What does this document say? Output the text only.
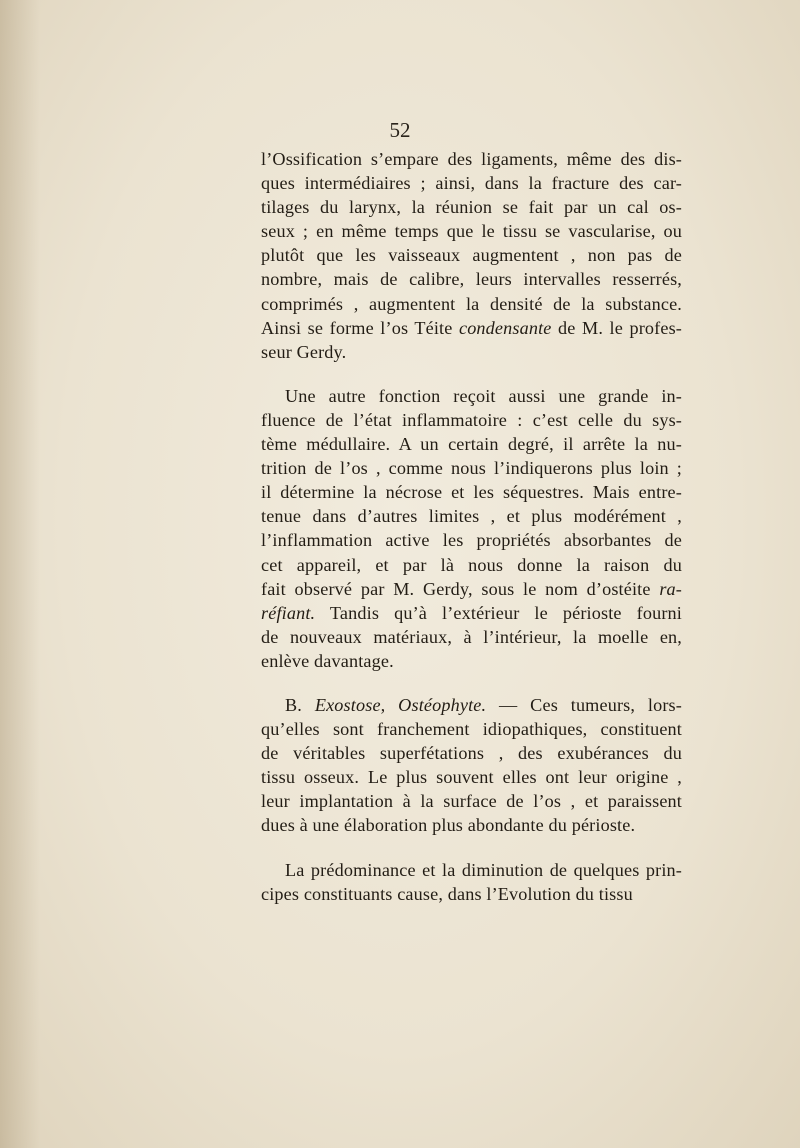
52
l’Ossification s’empare des ligaments, même des dis-
ques intermédiaires ; ainsi, dans la fracture des car-
tilages du larynx, la réunion se fait par un cal os-
seux ; en même temps que le tissu se vascularise, ou
plutôt que les vaisseaux augmentent , non pas de
nombre, mais de calibre, leurs intervalles resserrés,
comprimés , augmentent la densité de la substance.
Ainsi se forme l’os Téite condensante de M. le profes-
seur Gerdy.
Une autre fonction reçoit aussi une grande in-
fluence de l’état inflammatoire : c’est celle du sys-
tème médullaire. A un certain degré, il arrête la nu-
trition de l’os , comme nous l’indiquerons plus loin ;
il détermine la nécrose et les séquestres. Mais entre-
tenue dans d’autres limites , et plus modérément ,
l’inflammation active les propriétés absorbantes de
cet appareil, et par là nous donne la raison du
fait observé par M. Gerdy, sous le nom d’ostéite ra-
réfiant. Tandis qu’à l’extérieur le périoste fourni
de nouveaux matériaux, à l’intérieur, la moelle en,
enlève davantage.
B. Exostose, Ostéophyte. — Ces tumeurs, lors-
qu’elles sont franchement idiopathiques, constituent
de véritables superfétations , des exubérances du
tissu osseux. Le plus souvent elles ont leur origine ,
leur implantation à la surface de l’os , et paraissent
dues à une élaboration plus abondante du périoste.
La prédominance et la diminution de quelques prin-
cipes constituants cause, dans l’Evolution du tissu
